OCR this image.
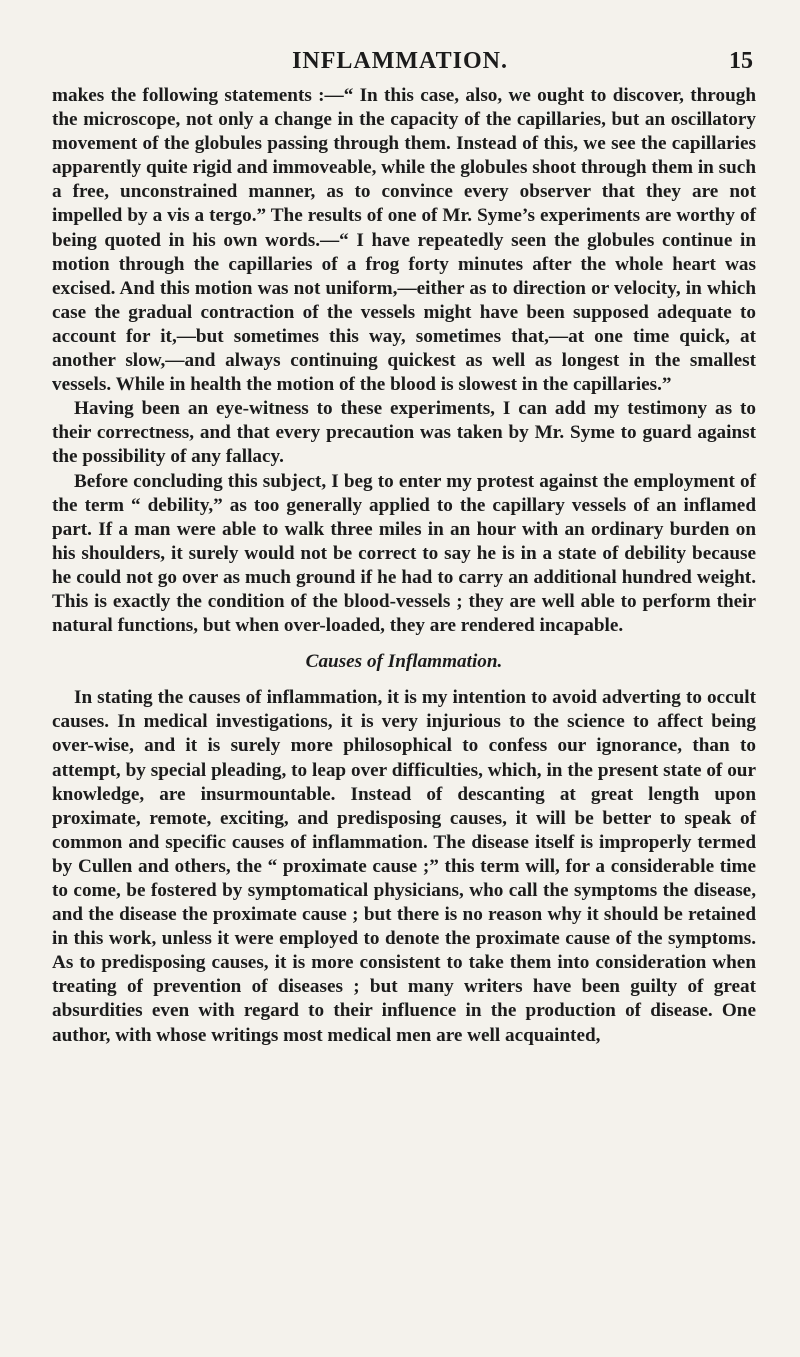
INFLAMMATION.	15

makes the following statements :—“ In this case, also, we ought to discover, through the microscope, not only a change in the capacity of the capillaries, but an oscillatory movement of the globules passing through them. Instead of this, we see the capillaries apparently quite rigid and immoveable, while the globules shoot through them in such a free, unconstrained manner, as to convince every observer that they are not impelled by a vis a tergo.” The results of one of Mr. Syme’s experiments are worthy of being quoted in his own words.—“ I have repeatedly seen the globules continue in motion through the capillaries of a frog forty minutes after the whole heart was excised. And this motion was not uniform,—either as to direction or velocity, in which case the gradual contraction of the vessels might have been supposed adequate to account for it,—but sometimes this way, sometimes that,—at one time quick, at another slow,—and always continuing quickest as well as longest in the smallest vessels. While in health the motion of the blood is slowest in the capillaries.”

Having been an eye-witness to these experiments, I can add my testimony as to their correctness, and that every precaution was taken by Mr. Syme to guard against the possibility of any fallacy.

Before concluding this subject, I beg to enter my protest against the employment of the term “ debility,” as too generally applied to the capillary vessels of an inflamed part. If a man were able to walk three miles in an hour with an ordinary burden on his shoulders, it surely would not be correct to say he is in a state of debility because he could not go over as much ground if he had to carry an additional hundred weight. This is exactly the condition of the blood-vessels ; they are well able to perform their natural functions, but when over-loaded, they are rendered incapable.

Causes of Inflammation.

In stating the causes of inflammation, it is my intention to avoid adverting to occult causes. In medical investigations, it is very injurious to the science to affect being over-wise, and it is surely more philosophical to confess our ignorance, than to attempt, by special pleading, to leap over difficulties, which, in the present state of our knowledge, are insurmountable. Instead of descanting at great length upon proximate, remote, exciting, and predisposing causes, it will be better to speak of common and specific causes of inflammation. The disease itself is improperly termed by Cullen and others, the “ proximate cause ;” this term will, for a considerable time to come, be fostered by symptomatical physicians, who call the symptoms the disease, and the disease the proximate cause ; but there is no reason why it should be retained in this work, unless it were employed to denote the proximate cause of the symptoms. As to predisposing causes, it is more consistent to take them into consideration when treating of prevention of diseases ; but many writers have been guilty of great absurdities even with regard to their influence in the production of disease. One author, with whose writings most medical men are well acquainted,
